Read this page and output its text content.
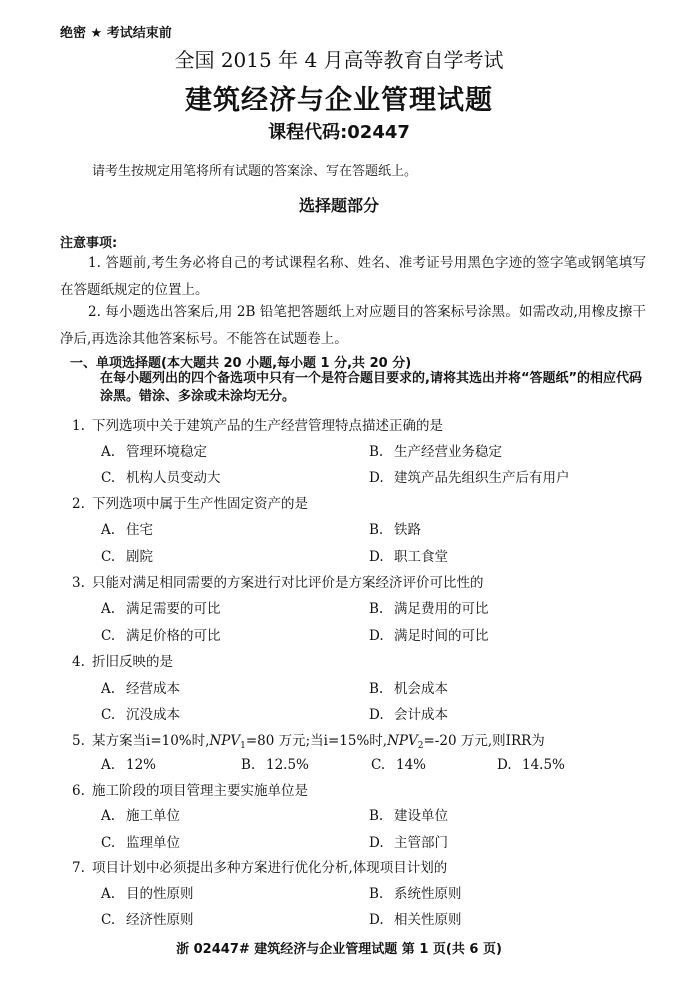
绝密 ★ 考试结束前
全国 2015 年 4 月高等教育自学考试
建筑经济与企业管理试题
课程代码:02447
请考生按规定用笔将所有试题的答案涂、写在答题纸上。
选择题部分
注意事项:
1. 答题前,考生务必将自己的考试课程名称、姓名、准考证号用黑色字迹的签字笔或钢笔填写在答题纸规定的位置上。
2. 每小题选出答案后,用 2B 铅笔把答题纸上对应题目的答案标号涂黑。如需改动,用橡皮擦干净后,再选涂其他答案标号。不能答在试题卷上。
一、单项选择题(本大题共 20 小题,每小题 1 分,共 20 分)
在每小题列出的四个备选项中只有一个是符合题目要求的,请将其选出并将“答题纸”的相应代码涂黑。错涂、多涂或未涂均无分。
1. 下列选项中关于建筑产品的生产经营管理特点描述正确的是
A. 管理环境稳定	B. 生产经营业务稳定
C. 机构人员变动大	D. 建筑产品先组织生产后有用户
2. 下列选项中属于生产性固定资产的是
A. 住宅	B. 铁路
C. 剧院	D. 职工食堂
3. 只能对满足相同需要的方案进行对比评价是方案经济评价可比性的
A. 满足需要的可比	B. 满足费用的可比
C. 满足价格的可比	D. 满足时间的可比
4. 折旧反映的是
A. 经营成本	B. 机会成本
C. 沉没成本	D. 会计成本
5. 某方案当i=10%时$,NPV_1=80$ 万元;当i=15%时$,NPV_2=-20$ 万元,则IRR为
A. 12%	B. 12.5%	C. 14%	D. 14.5%
6. 施工阶段的项目管理主要实施单位是
A. 施工单位	B. 建设单位
C. 监理单位	D. 主管部门
7. 项目计划中必须提出多种方案进行优化分析,体现项目计划的
A. 目的性原则	B. 系统性原则
C. 经济性原则	D. 相关性原则
浙 02447# 建筑经济与企业管理试题 第 1 页(共 6 页)
